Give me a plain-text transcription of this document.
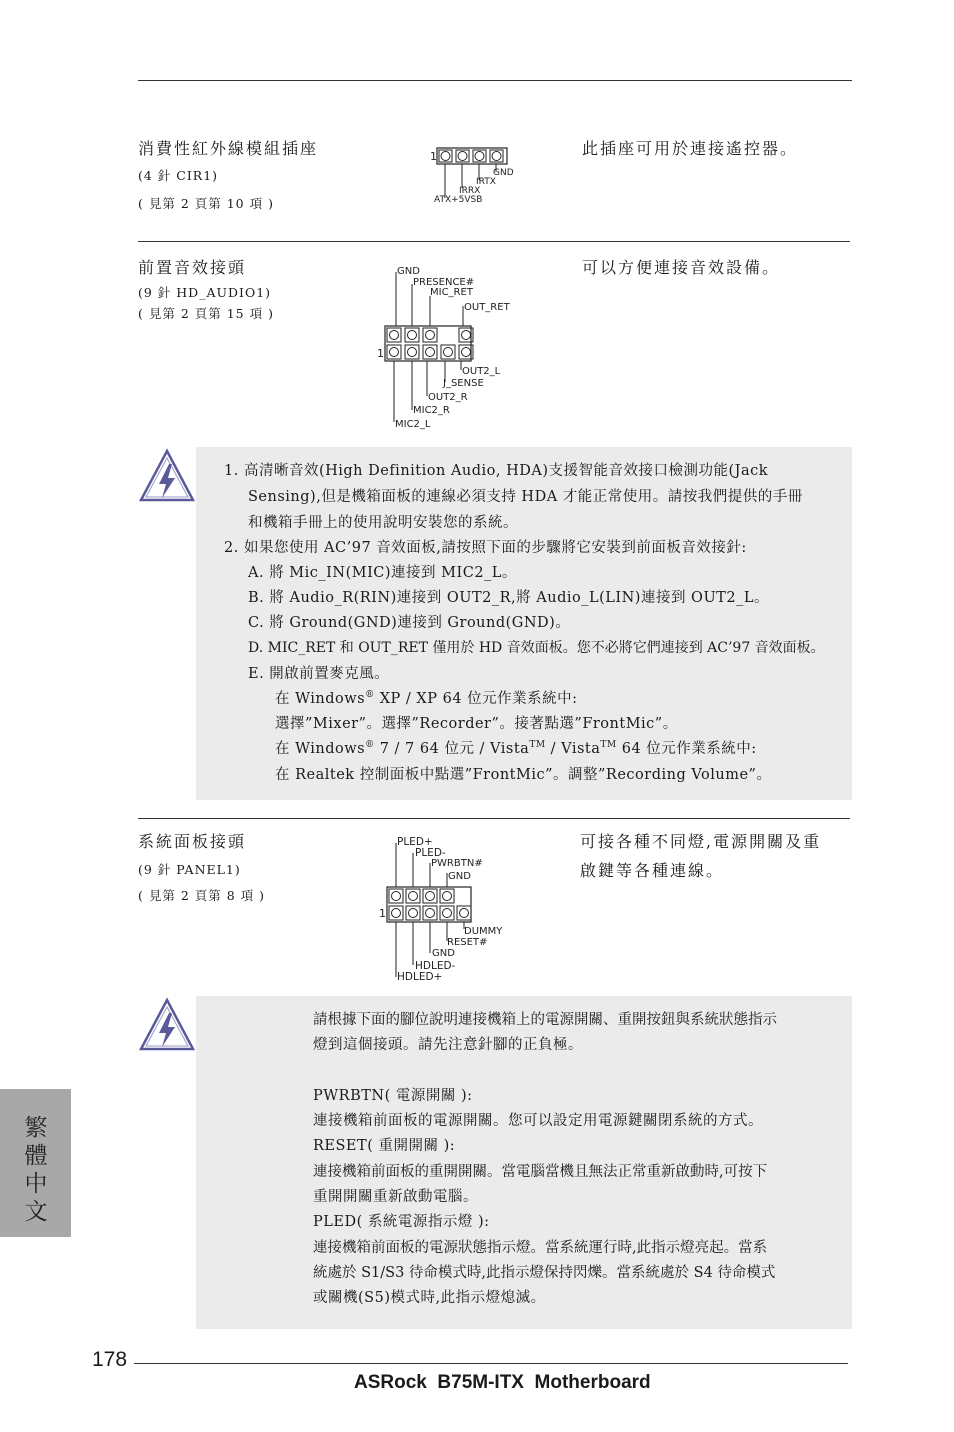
消費性紅外線模組插座
(4 針 CIR1)
( 見第 2 頁第 10 項 )
此插座可用於連接遙控器。
1
GND
IRTX
IRRX
ATX+5VSB
前置音效接頭
(9 針 HD_AUDIO1)
( 見第 2 頁第 15 項 )
可以方便連接音效設備。
1
GND
PRESENCE#
MIC_RET
OUT_RET
OUT2_L
J_SENSE
OUT2_R
MIC2_R
MIC2_L
1. 高清晰音效(High Definition Audio, HDA)支援智能音效接口檢測功能(Jack
Sensing),但是機箱面板的連線必須支持 HDA 才能正常使用。請按我們提供的手冊
和機箱手冊上的使用說明安裝您的系統。
2. 如果您使用 AC’97 音效面板,請按照下面的步驟將它安裝到前面板音效接針:
A. 將 Mic_IN(MIC)連接到 MIC2_L。
B. 將 Audio_R(RIN)連接到 OUT2_R,將 Audio_L(LIN)連接到 OUT2_L。
C. 將 Ground(GND)連接到 Ground(GND)。
D. MIC_RET 和 OUT_RET 僅用於 HD 音效面板。您不必將它們連接到 AC’97 音效面板。
E. 開啟前置麥克風。
在 Windows® XP / XP 64 位元作業系統中:
選擇”Mixer”。選擇”Recorder”。接著點選”FrontMic”。
在 Windows® 7 / 7 64 位元 / Vista™ / Vista™ 64 位元作業系統中:
在 Realtek 控制面板中點選”FrontMic”。調整”Recording Volume”。
系統面板接頭
(9 針 PANEL1)
( 見第 2 頁第 8 項 )
可接各種不同燈,電源開關及重
啟鍵等各種連線。
1
PLED+
PLED-
PWRBTN#
GND
DUMMY
RESET#
GND
HDLED-
HDLED+
請根據下面的腳位說明連接機箱上的電源開關、重開按鈕與系統狀態指示
燈到這個接頭。請先注意針腳的正負極。
PWRBTN( 電源開關 ):
連接機箱前面板的電源開關。您可以設定用電源鍵關閉系統的方式。
RESET( 重開開關 ):
連接機箱前面板的重開開關。當電腦當機且無法正常重新啟動時,可按下
重開開關重新啟動電腦。
PLED( 系統電源指示燈 ):
連接機箱前面板的電源狀態指示燈。當系統運行時,此指示燈亮起。當系
統處於 S1/S3 待命模式時,此指示燈保持閃爍。當系統處於 S4 待命模式
或關機(S5)模式時,此指示燈熄滅。
繁
體
中
文
178
ASRock  B75M-ITX  Motherboard
